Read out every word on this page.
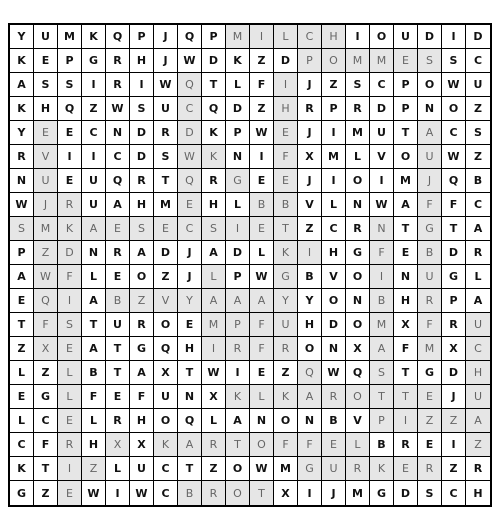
Y	U	M	K	Q	P	J	Q	P	M	I	L	C	H	I	O	U	D	I	D
K	E	P	G	R	H	J	W	D	K	Z	D	P	O	M	M	E	S	S	C
A	S	S	I	R	I	W	Q	T	L	F	I	J	Z	S	C	P	O	W	U
K	H	Q	Z	W	S	U	C	Q	D	Z	H	R	P	R	D	P	N	O	Z
Y	E	E	C	N	D	R	D	K	P	W	E	J	I	M	U	T	A	C	S
R	V	I	I	C	D	S	W	K	N	I	F	X	M	L	V	O	U	W	Z
N	U	E	U	Q	R	T	Q	R	G	E	E	J	I	O	I	M	J	Q	B
W	J	R	U	A	H	M	E	H	L	B	B	V	L	N	W	A	F	F	C
S	M	K	A	E	S	E	C	S	I	E	T	Z	C	R	N	T	G	T	A
P	Z	D	N	R	A	D	J	A	D	L	K	I	H	G	F	E	B	D	R
A	W	F	L	E	O	Z	J	L	P	W	G	B	V	O	I	N	U	G	L
E	Q	I	A	B	Z	V	Y	A	A	A	Y	Y	O	N	B	H	R	P	A
T	F	S	T	U	R	O	E	M	P	F	U	H	D	O	M	X	F	R	U
Z	X	E	A	T	G	Q	H	I	R	F	R	O	N	X	A	F	M	X	C
L	Z	L	B	T	A	X	T	W	I	E	Z	Q	W	Q	S	T	G	D	H
E	G	L	F	E	F	U	N	X	K	L	K	A	R	O	T	T	E	J	U
L	C	E	L	R	H	O	Q	L	A	N	O	N	B	V	P	I	Z	Z	A
C	F	R	H	X	X	K	A	R	T	O	F	F	E	L	B	R	E	I	Z
K	T	I	Z	L	U	C	T	Z	O	W	M	G	U	R	K	E	R	Z	R
G	Z	E	W	I	W	C	B	R	O	T	X	I	J	M	G	D	S	C	H
